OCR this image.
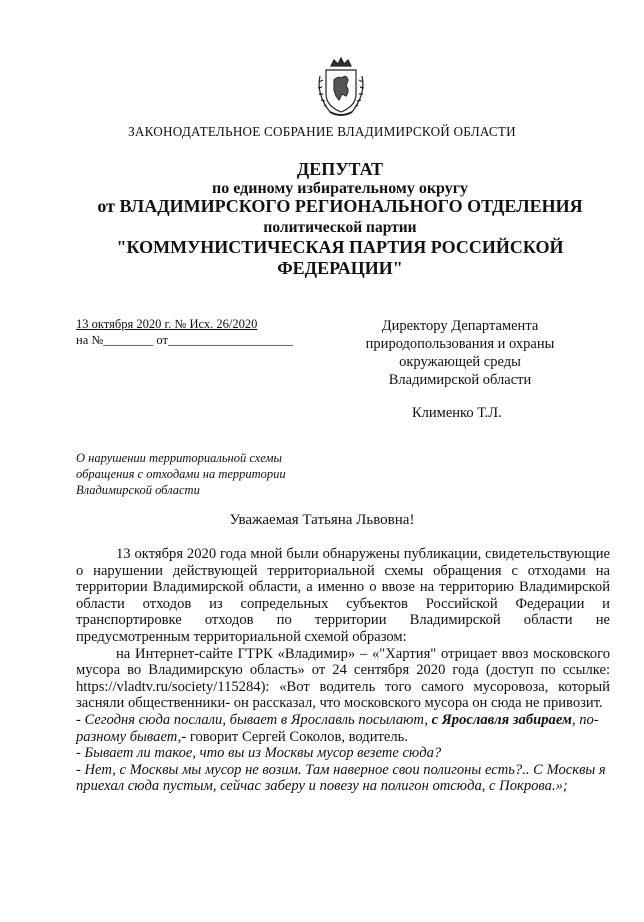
ЗАКОНОДАТЕЛЬНОЕ СОБРАНИЕ ВЛАДИМИРСКОЙ ОБЛАСТИ
ДЕПУТАТ
по единому избирательному округу
от ВЛАДИМИРСКОГО РЕГИОНАЛЬНОГО ОТДЕЛЕНИЯ
политической партии
"КОММУНИСТИЧЕСКАЯ ПАРТИЯ РОССИЙСКОЙ ФЕДЕРАЦИИ"
13 октября 2020 г. № Исх. 26/2020
на №________ от____________________
Директору Департамента
природопользования и охраны
окружающей среды
Владимирской области
Клименко Т.Л.
О нарушении территориальной схемы обращения с отходами на территории Владимирской области
Уважаемая Татьяна Львовна!

13 октября 2020 года мной были обнаружены публикации, свидетельствующие о нарушении действующей территориальной схемы обращения с отходами на территории Владимирской области, а именно о ввозе на территорию Владимирской области отходов из сопредельных субъектов Российской Федерации и транспортировке отходов по территории Владимирской области не предусмотренным территориальной схемой образом:

на Интернет-сайте ГТРК «Владимир» – «"Хартия" отрицает ввоз московского мусора во Владимирскую область» от 24 сентября 2020 года (доступ по ссылке: https://vladtv.ru/society/115284): «Вот водитель того самого мусоровоза, который засняли общественники- он рассказал, что московского мусора он сюда не привозит.

- Сегодня сюда послали, бывает в Ярославль посылают, с Ярославля забираем, по-разному бывает,- говорит Сергей Соколов, водитель.

- Бывает ли такое, что вы из Москвы мусор везете сюда?

- Нет, с Москвы мы мусор не возим. Там наверное свои полигоны есть?.. С Москвы я приехал сюда пустым, сейчас заберу и повезу на полигон отсюда, с Покрова.»;
